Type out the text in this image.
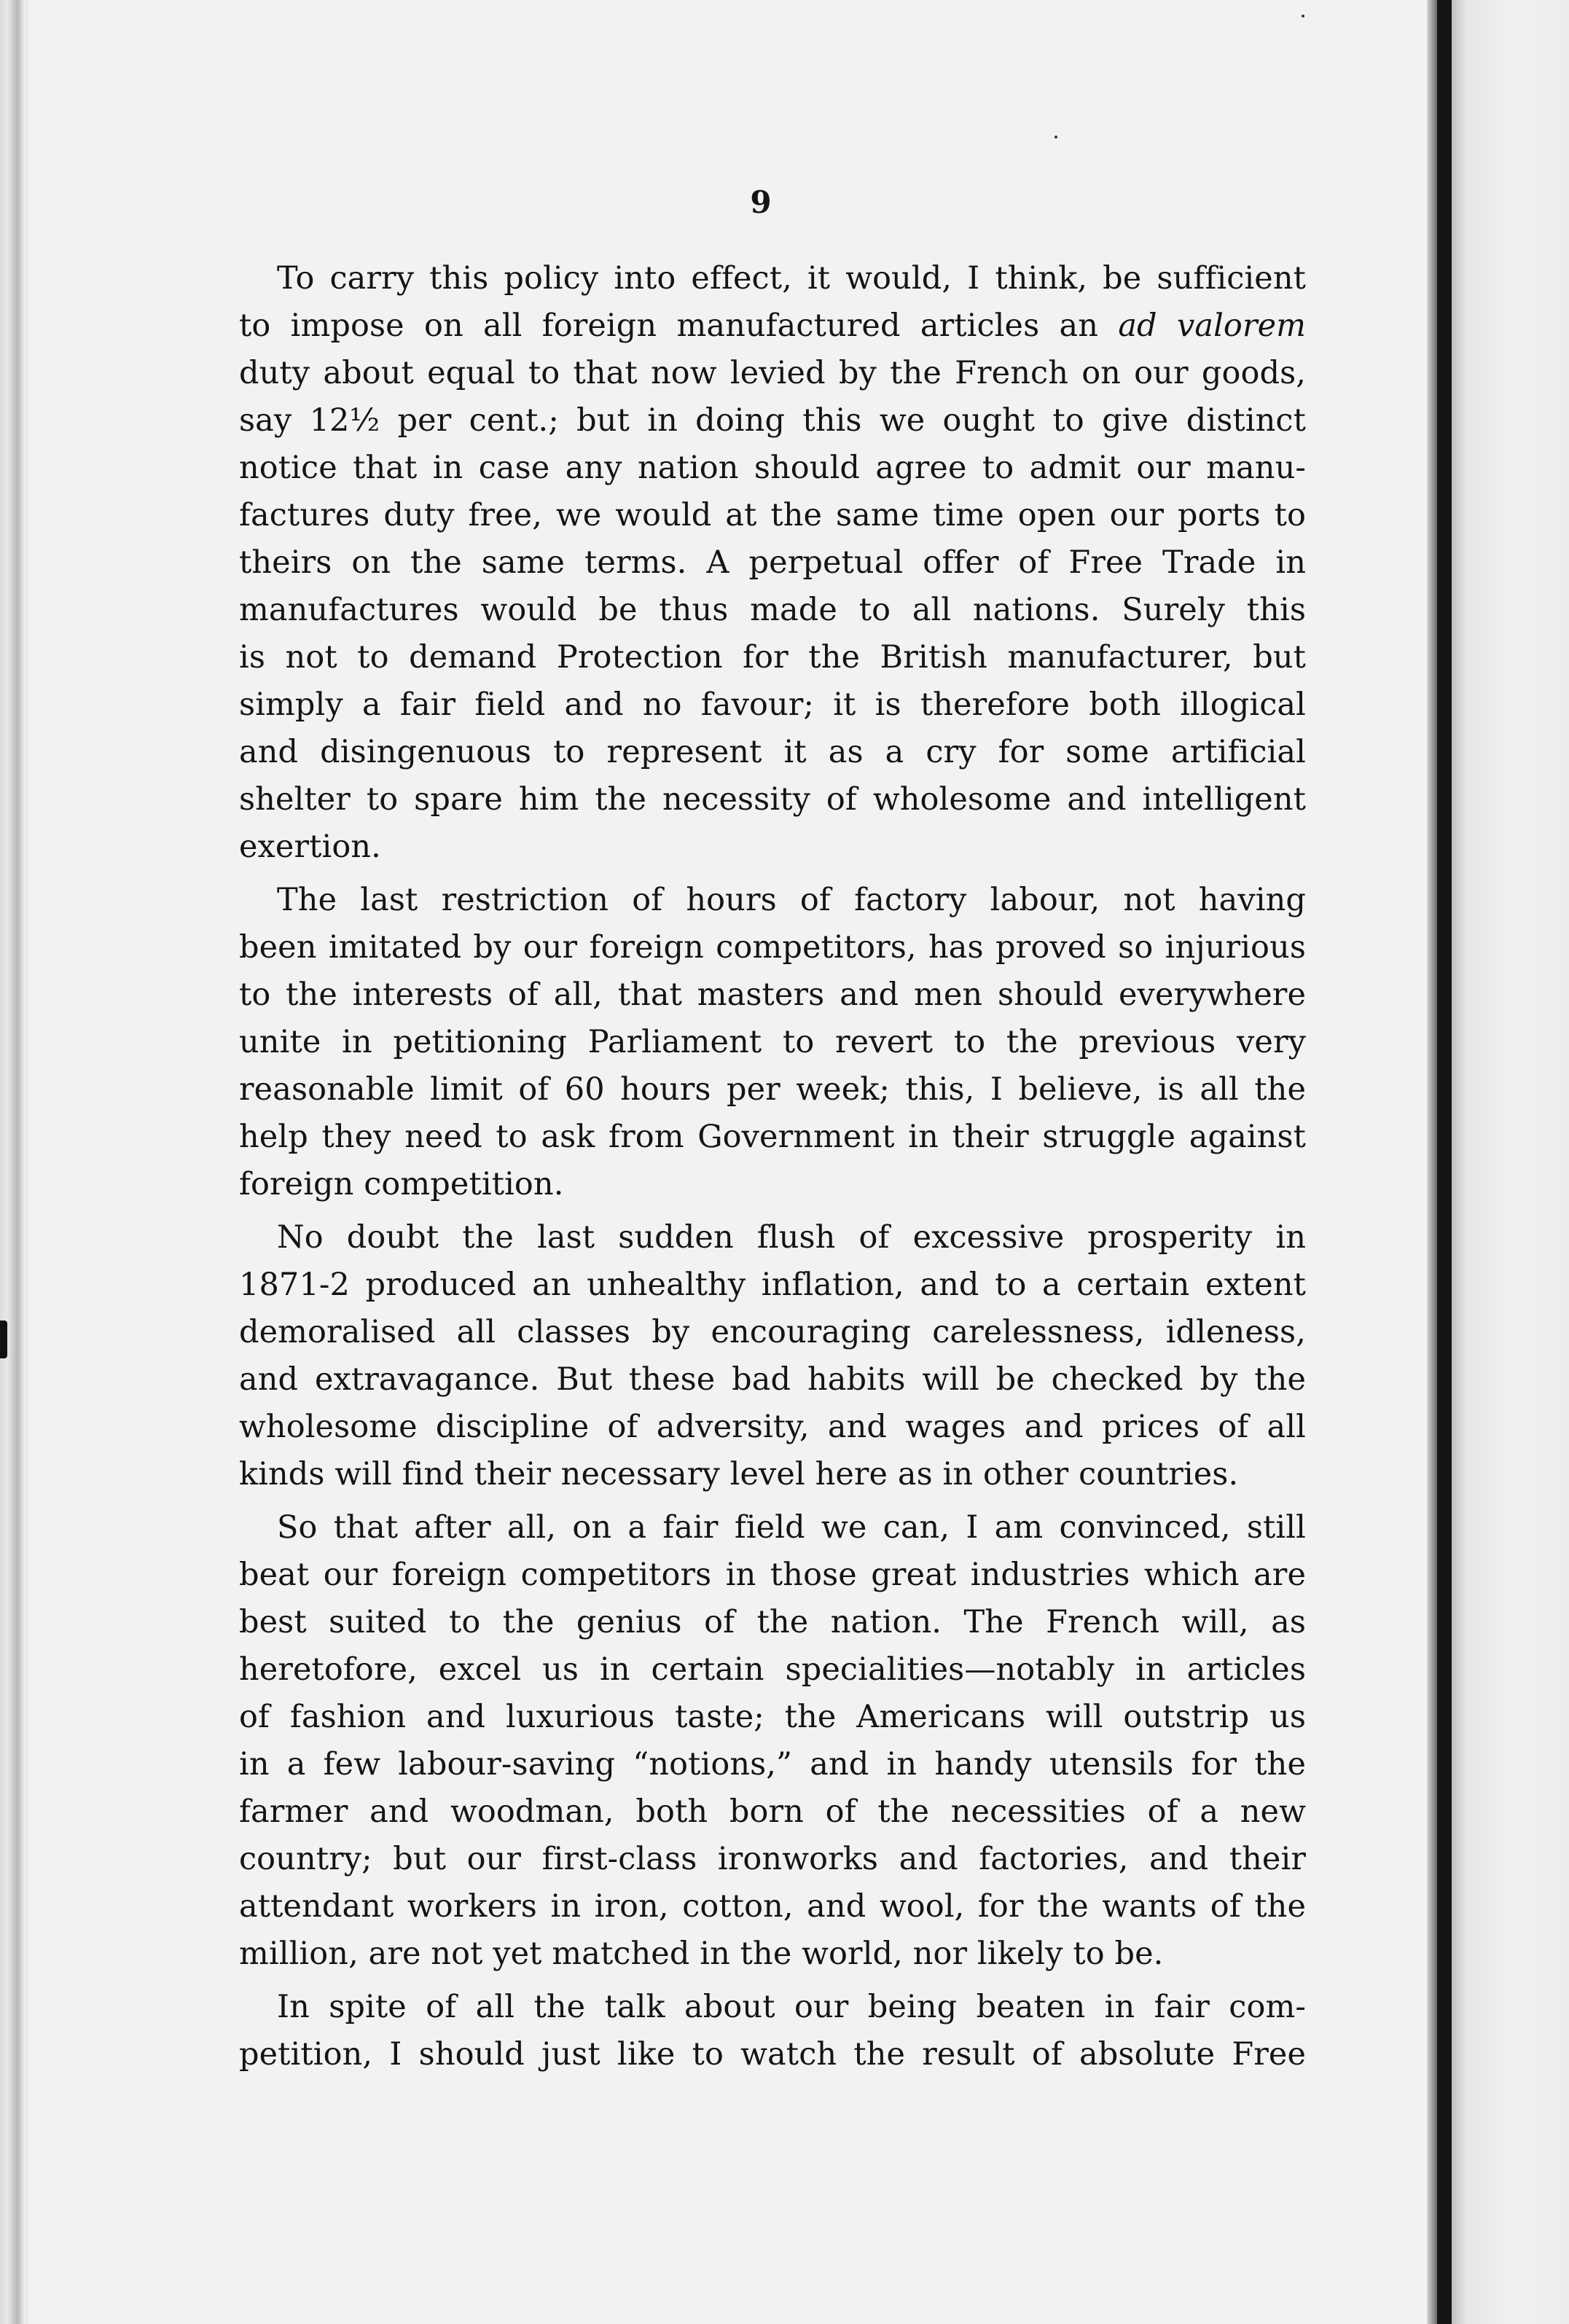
9
To carry this policy into effect, it would, I think, be sufficient
to impose on all foreign manufactured articles an ad valorem
duty about equal to that now levied by the French on our goods,
say 12½ per cent.; but in doing this we ought to give distinct
notice that in case any nation should agree to admit our manu-
factures duty free, we would at the same time open our ports to
theirs on the same terms. A perpetual offer of Free Trade in
manufactures would be thus made to all nations. Surely this
is not to demand Protection for the British manufacturer, but
simply a fair field and no favour; it is therefore both illogical
and disingenuous to represent it as a cry for some artificial
shelter to spare him the necessity of wholesome and intelligent
exertion.
The last restriction of hours of factory labour, not having
been imitated by our foreign competitors, has proved so injurious
to the interests of all, that masters and men should everywhere
unite in petitioning Parliament to revert to the previous very
reasonable limit of 60 hours per week; this, I believe, is all the
help they need to ask from Government in their struggle against
foreign competition.
No doubt the last sudden flush of excessive prosperity in
1871-2 produced an unhealthy inflation, and to a certain extent
demoralised all classes by encouraging carelessness, idleness,
and extravagance. But these bad habits will be checked by the
wholesome discipline of adversity, and wages and prices of all
kinds will find their necessary level here as in other countries.
So that after all, on a fair field we can, I am convinced, still
beat our foreign competitors in those great industries which are
best suited to the genius of the nation. The French will, as
heretofore, excel us in certain specialities—notably in articles
of fashion and luxurious taste; the Americans will outstrip us
in a few labour-saving “notions,” and in handy utensils for the
farmer and woodman, both born of the necessities of a new
country; but our first-class ironworks and factories, and their
attendant workers in iron, cotton, and wool, for the wants of the
million, are not yet matched in the world, nor likely to be.
In spite of all the talk about our being beaten in fair com-
petition, I should just like to watch the result of absolute Free
